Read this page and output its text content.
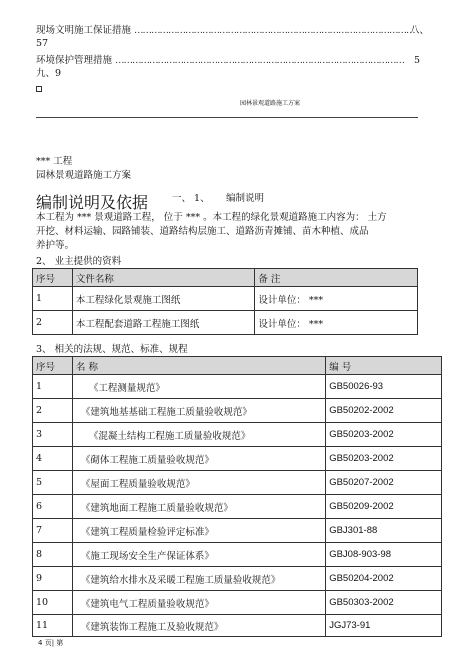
现场文明施工保证措施 ………………………………………………………………………………………
八、
57
环境保护管理措施 …………………………………………………………………………………………	5
九、9
园林景观道路施工方案
*** 工程
园林景观道路施工方案
编制说明及依据	一、 1、 编制说明
本工程为 *** 景观道路工程， 位于 *** 。本工程的绿化景观道路施工内容为： 土方
开挖、材料运输、园路铺装、道路结构层施工、道路沥青摊铺、苗木种植、成品
养护等。
2、 业主提供的资料
序号	文件名称	备 注
1	本工程绿化景观施工图纸	设计单位： ***
2	本工程配套道路工程施工图纸	设计单位： ***
3、 相关的法规、规范、标准、规程
序号	名 称	编 号
1	《工程测量规范》	GB50026-93
2	《建筑地基基础工程施工质量验收规范》	GB50202-2002
3	《混凝土结构工程施工质量验收规范》	GB50203-2002
4	《砌体工程施工质量验收规范》	GB50203-2002
5	《屋面工程质量验收规范》	GB50207-2002
6	《建筑地面工程施工质量验收规范》	GB50209-2002
7	《建筑工程质量检验评定标准》	GBJ301-88
8	《施工现场安全生产保证体系》	GBJ08-903-98
9	《建筑给水排水及采暖工程施工质量验收规范》	GB50204-2002
10	《建筑电气工程质量验收规范》	GB50303-2002
11	《建筑装饰工程施工及验收规范》	JGJ73-91
4 页| 第
